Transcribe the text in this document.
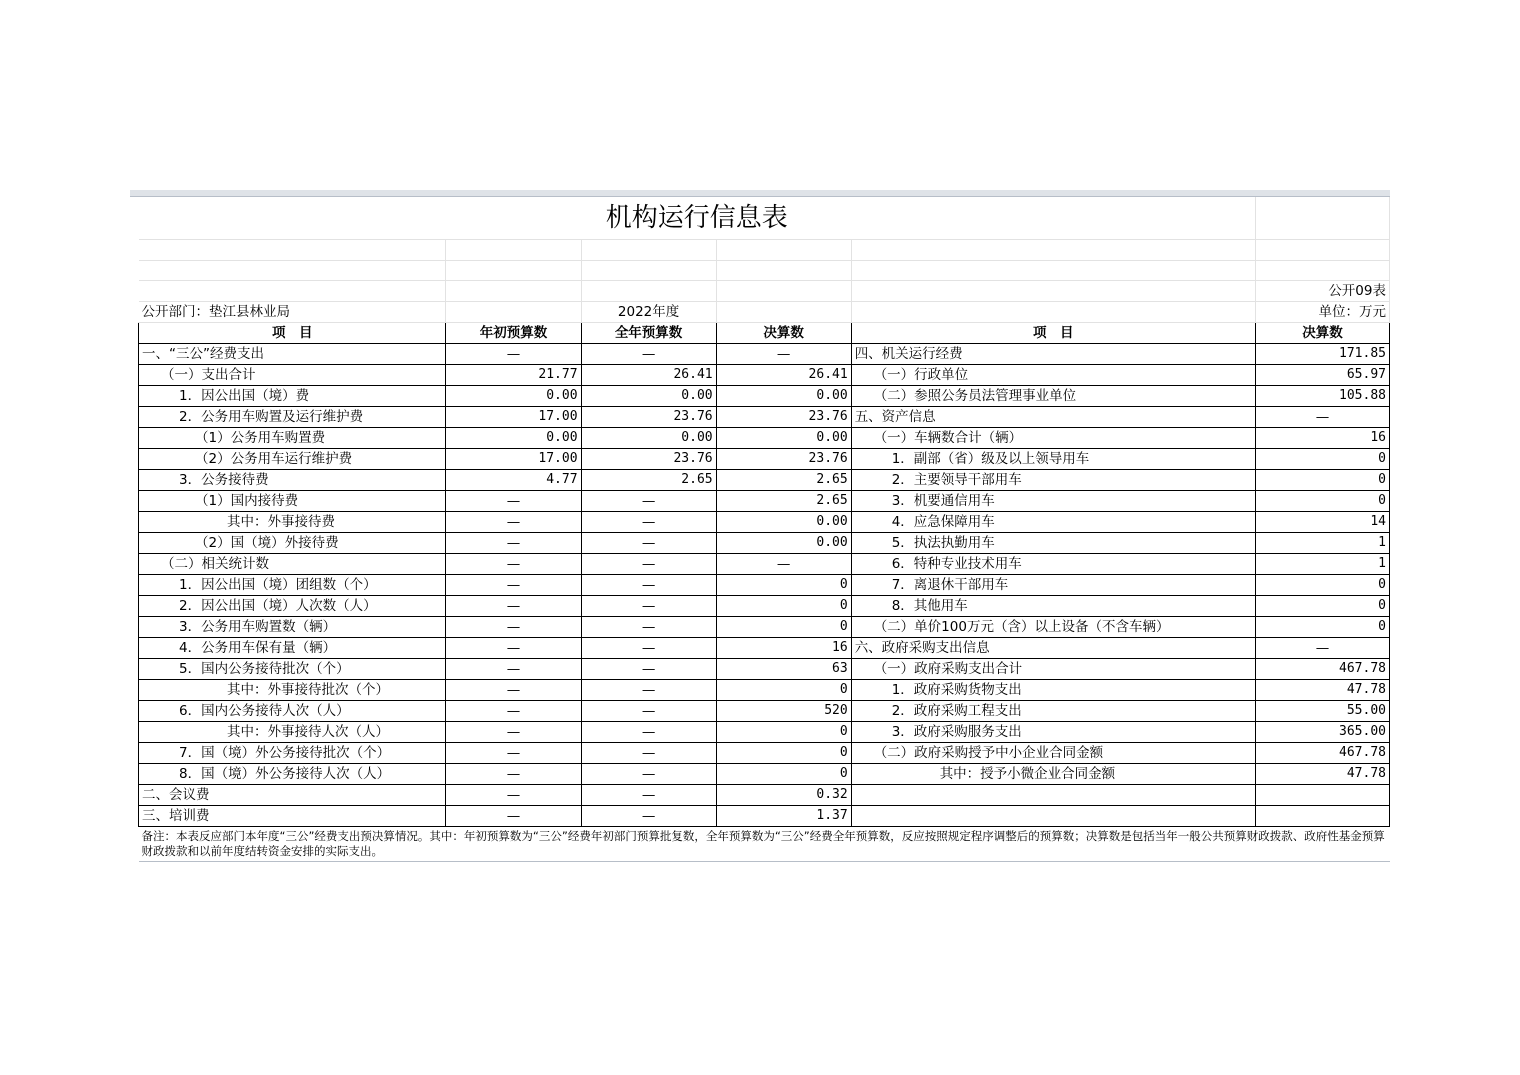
机构运行信息表					

					公开09表
公开部门：垫江县林业局		2022年度			单位：万元
项　目	年初预算数	全年预算数	决算数	项　目	决算数
一、“三公”经费支出	—	—	—	四、机关运行经费	171.85
（一）支出合计	21.77	26.41	26.41	（一）行政单位	65.97
1．因公出国（境）费	0.00	0.00	0.00	（二）参照公务员法管理事业单位	105.88
2．公务用车购置及运行维护费	17.00	23.76	23.76	五、资产信息	—
（1）公务用车购置费	0.00	0.00	0.00	（一）车辆数合计（辆）	16
（2）公务用车运行维护费	17.00	23.76	23.76	1．副部（省）级及以上领导用车	0
3．公务接待费	4.77	2.65	2.65	2．主要领导干部用车	0
（1）国内接待费	—	—	2.65	3．机要通信用车	0
其中：外事接待费	—	—	0.00	4．应急保障用车	14
（2）国（境）外接待费	—	—	0.00	5．执法执勤用车	1
（二）相关统计数	—	—	—	6．特种专业技术用车	1
1．因公出国（境）团组数（个）	—	—	0	7．离退休干部用车	0
2．因公出国（境）人次数（人）	—	—	0	8．其他用车	0
3．公务用车购置数（辆）	—	—	0	（二）单价100万元（含）以上设备（不含车辆）	0
4．公务用车保有量（辆）	—	—	16	六、政府采购支出信息	—
5．国内公务接待批次（个）	—	—	63	（一）政府采购支出合计	467.78
其中：外事接待批次（个）	—	—	0	1．政府采购货物支出	47.78
6．国内公务接待人次（人）	—	—	520	2．政府采购工程支出	55.00
其中：外事接待人次（人）	—	—	0	3．政府采购服务支出	365.00
7．国（境）外公务接待批次（个）	—	—	0	（二）政府采购授予中小企业合同金额	467.78
8．国（境）外公务接待人次（人）	—	—	0	其中：授予小微企业合同金额	47.78
二、会议费	—	—	0.32		
三、培训费	—	—	1.37		
备注：本表反应部门本年度“三公”经费支出预决算情况。其中：年初预算数为“三公”经费年初部门预算批复数，全年预算数为“三公”经费全年预算数，反应按照规定程序调整后的预算数；决算数是包括当年一般公共预算财政拨款、政府性基金预算财政拨款和以前年度结转资金安排的实际支出。					
